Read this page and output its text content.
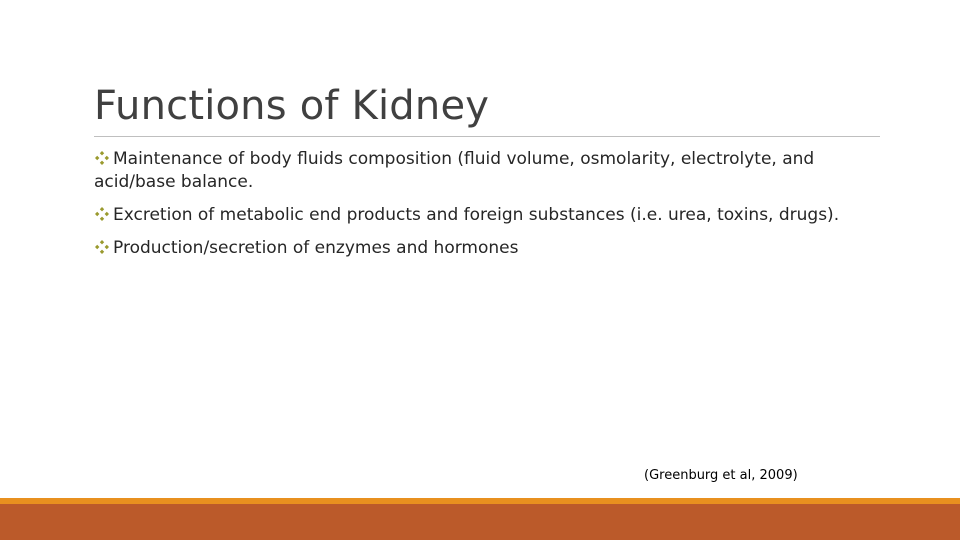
Functions of Kidney
Maintenance of body fluids composition (fluid volume, osmolarity, electrolyte, and acid/base balance.
Excretion of metabolic end products and foreign substances (i.e. urea, toxins, drugs).
Production/secretion of enzymes and hormones
(Greenburg et al, 2009)
